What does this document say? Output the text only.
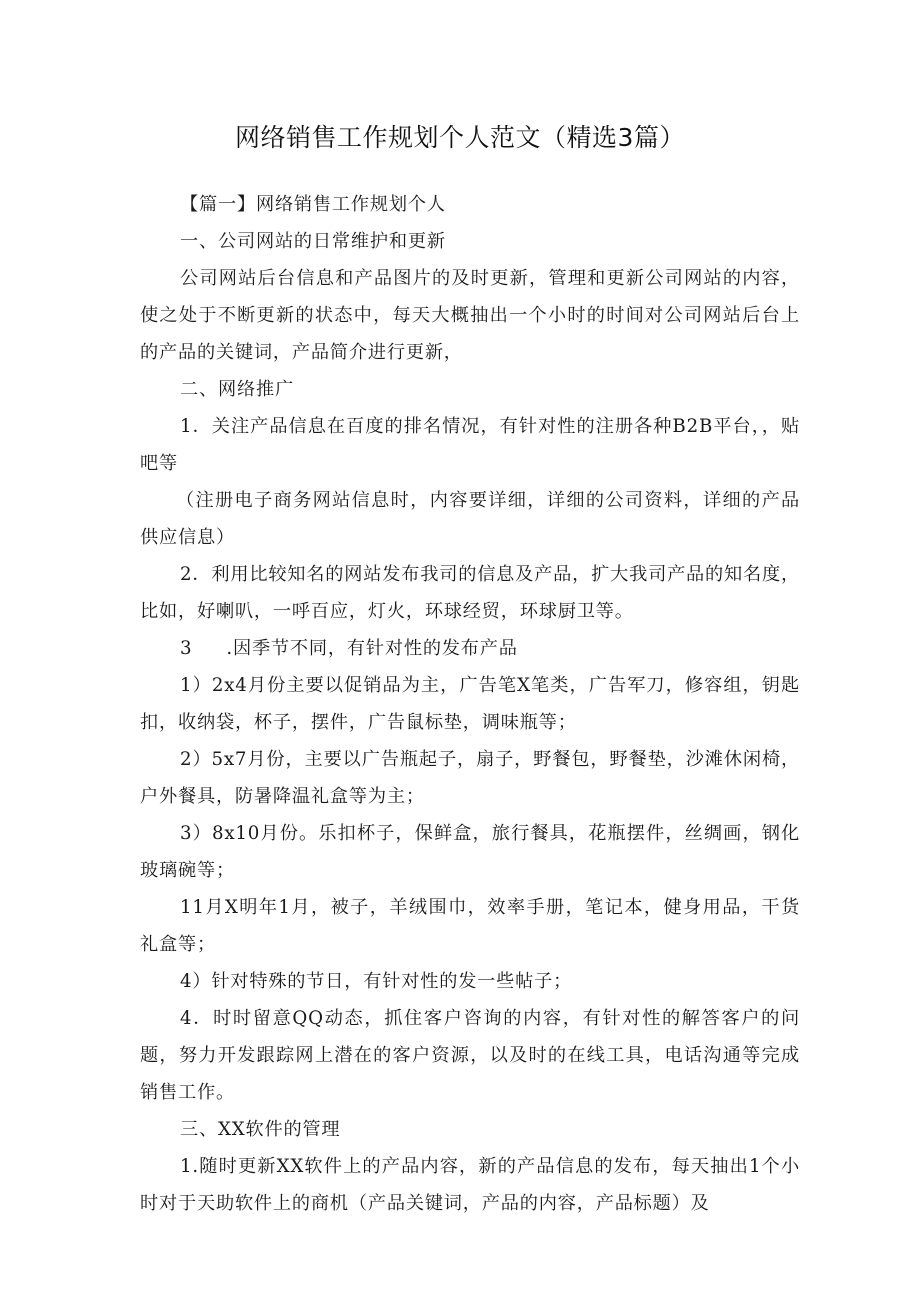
网络销售工作规划个人范文（精选3篇）

【篇一】网络销售工作规划个人

一、公司网站的日常维护和更新

公司网站后台信息和产品图片的及时更新，管理和更新公司网站的内容，使之处于不断更新的状态中，每天大概抽出一个小时的时间对公司网站后台上的产品的关键词，产品简介进行更新，

二、网络推广

1．关注产品信息在百度的排名情况，有针对性的注册各种B2B平台，，贴吧等

（注册电子商务网站信息时，内容要详细，详细的公司资料，详细的产品供应信息）

2．利用比较知名的网站发布我司的信息及产品，扩大我司产品的知名度，比如，好喇叭，一呼百应，灯火，环球经贸，环球厨卫等。

3 .因季节不同，有针对性的发布产品

1）2x4月份主要以促销品为主，广告笔X笔类，广告军刀，修容组，钥匙扣，收纳袋，杯子，摆件，广告鼠标垫，调味瓶等；

2）5x7月份，主要以广告瓶起子，扇子，野餐包，野餐垫，沙滩休闲椅，户外餐具，防暑降温礼盒等为主；

3）8x10月份。乐扣杯子，保鲜盒，旅行餐具，花瓶摆件，丝绸画，钢化玻璃碗等；

11月X明年1月，被子，羊绒围巾，效率手册，笔记本，健身用品，干货礼盒等；

4）针对特殊的节日，有针对性的发一些帖子；

4．时时留意QQ动态，抓住客户咨询的内容，有针对性的解答客户的问题，努力开发跟踪网上潜在的客户资源，以及时的在线工具，电话沟通等完成销售工作。

三、XX软件的管理

1.随时更新XX软件上的产品内容，新的产品信息的发布，每天抽出1个小时对于天助软件上的商机（产品关键词，产品的内容，产品标题）及
